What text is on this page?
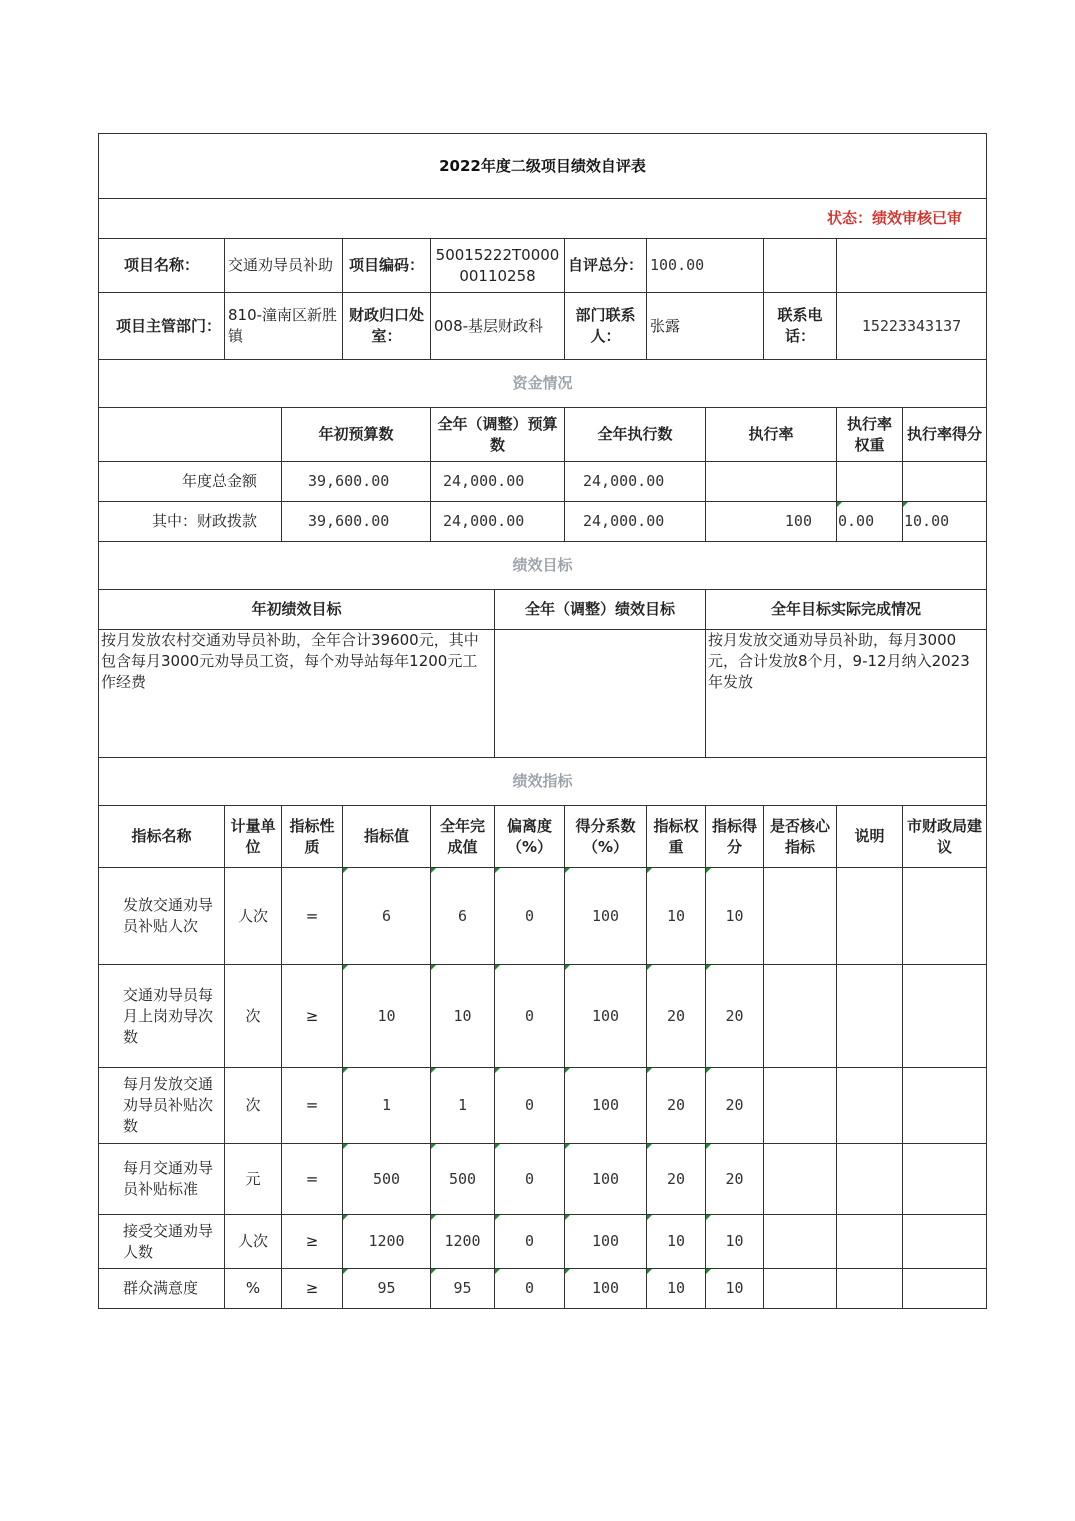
2022年度二级项目绩效自评表											
状态：绩效审核已审											
项目名称：	交通劝导员补助		项目编码：	50015222T000000110258		自评总分：	100.00				
项目主管部门：	810-潼南区新胜镇		财政归口处室：	008-基层财政科		部门联系人：	张露		联系电话：	15223343137	
资金情况											
		年初预算数		全年（调整）预算数		全年执行数		执行率		执行率权重	执行率得分
年度总金额		39,600.00		24,000.00		24,000.00					
其中：财政拨款		39,600.00		24,000.00		24,000.00		100		0.00	10.00
绩效目标											
年初绩效目标					全年（调整）绩效目标			全年目标实际完成情况			
按月发放农村交通劝导员补助，全年合计39600元，其中包含每月3000元劝导员工资，每个劝导站每年1200元工作经费								按月发放交通劝导员补助，每月3000元，合计发放8个月，9-12月纳入2023年发放			
绩效指标											
指标名称	计量单位	指标性质	指标值	全年完成值	偏离度（%）	得分系数（%）	指标权重	指标得分	是否核心指标	说明	市财政局建议
发放交通劝导员补贴人次	人次	=	6	6	0	100	10	10			
交通劝导员每月上岗劝导次数	次	≥	10	10	0	100	20	20			
每月发放交通劝导员补贴次数	次	=	1	1	0	100	20	20			
每月交通劝导员补贴标准	元	=	500	500	0	100	20	20			
接受交通劝导人数	人次	≥	1200	1200	0	100	10	10			
群众满意度	%	≥	95	95	0	100	10	10			
